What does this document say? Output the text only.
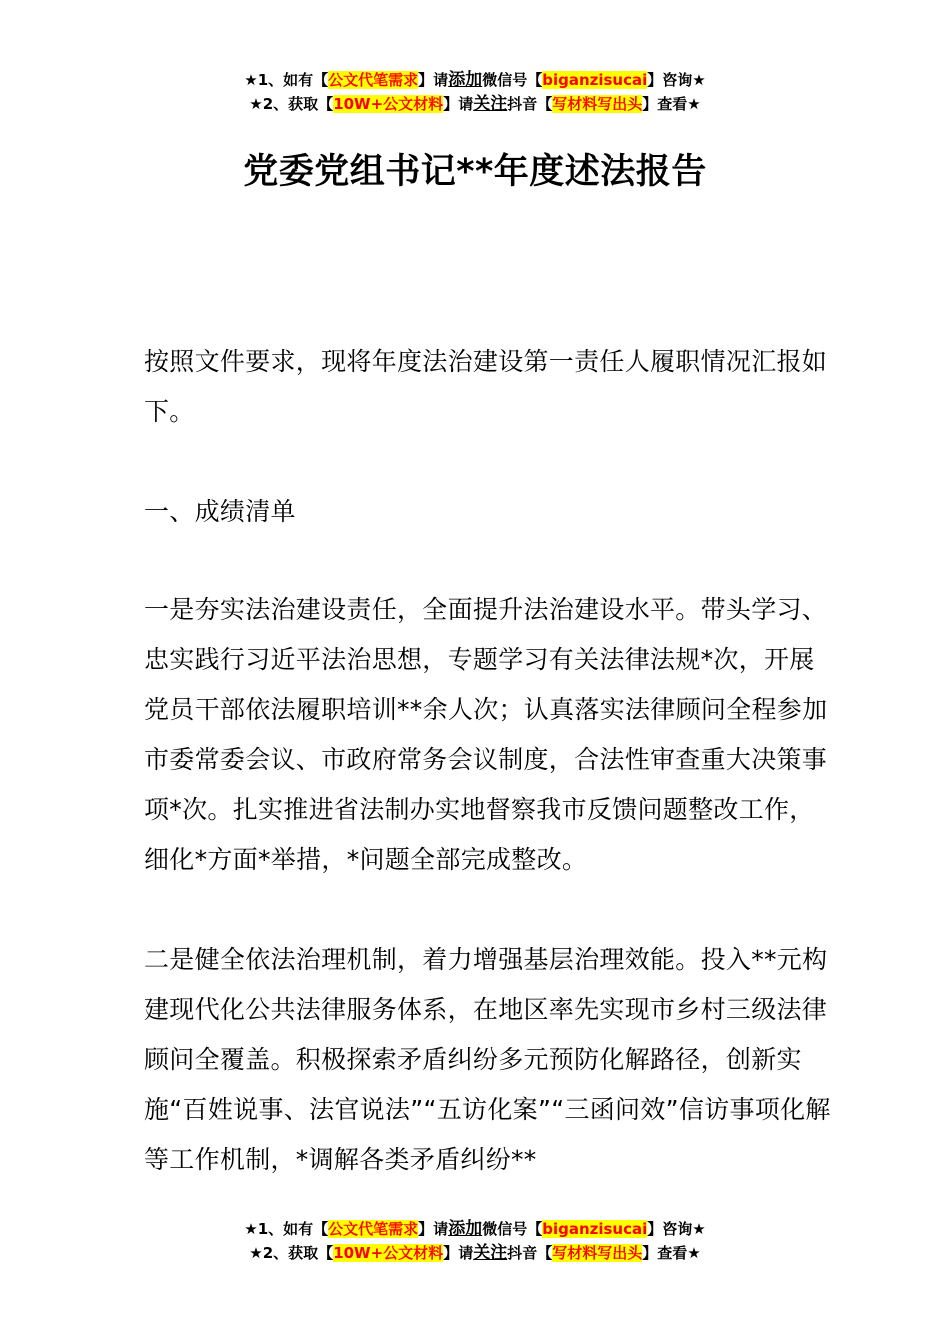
★1、如有【公文代笔需求】请添加微信号【biganzisucai】咨询★
★2、获取【10W+公文材料】请关注抖音【写材料写出头】查看★
党委党组书记**年度述法报告
按照文件要求，现将年度法治建设第一责任人履职情况汇报如下。
一、成绩清单
一是夯实法治建设责任，全面提升法治建设水平。带头学习、忠实践行习近平法治思想，专题学习有关法律法规*次，开展党员干部依法履职培训**余人次；认真落实法律顾问全程参加市委常委会议、市政府常务会议制度，合法性审查重大决策事项*次。扎实推进省法制办实地督察我市反馈问题整改工作，细化*方面*举措，*问题全部完成整改。
二是健全依法治理机制，着力增强基层治理效能。投入**元构建现代化公共法律服务体系，在地区率先实现市乡村三级法律顾问全覆盖。积极探索矛盾纠纷多元预防化解路径，创新实施“百姓说事、法官说法”“五访化案”“三函问效”信访事项化解等工作机制，*调解各类矛盾纠纷**
★1、如有【公文代笔需求】请添加微信号【biganzisucai】咨询★
★2、获取【10W+公文材料】请关注抖音【写材料写出头】查看★
